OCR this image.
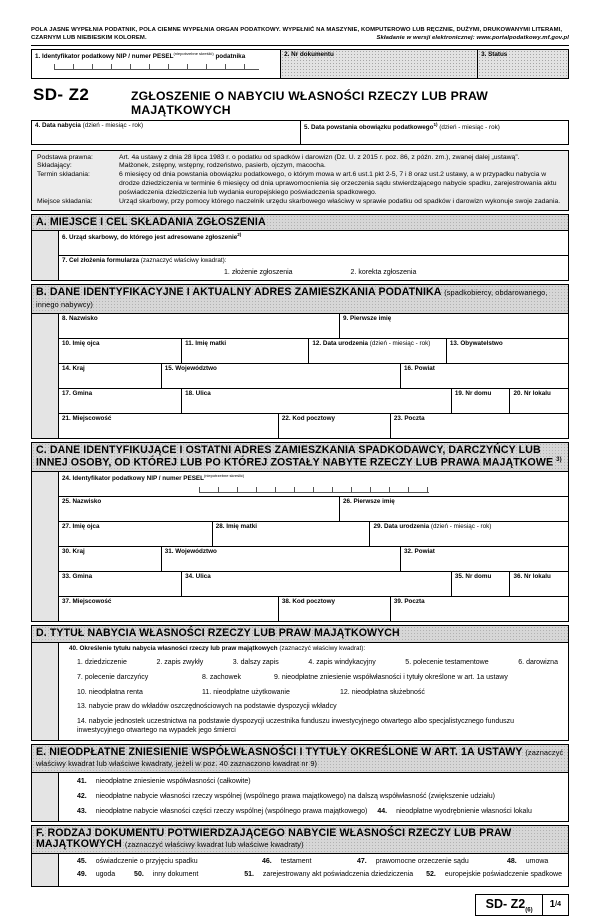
POLA JASNE WYPEŁNIA PODATNIK, POLA CIEMNE WYPEŁNIA ORGAN PODATKOWY. WYPEŁNIĆ NA MASZYNIE, KOMPUTEROWO LUB RĘCZNIE, DUŻYMI, DRUKOWANYMI LITERAMI,
CZARNYM LUB NIEBIESKIM KOLOREM.	Składanie w wersji elektronicznej: www.portalpodatkowy.mf.gov.pl
1. Identyfikator podatkowy NIP / numer $PESEL^{(niepotrzebne skreślić)}$ podatnika	2. Nr dokumentu	3. Status
SD- Z2	ZGŁOSZENIE O NABYCIU WŁASNOŚCI RZECZY LUB PRAW MAJĄTKOWYCH
4. Data nabycia (dzień - miesiąc - rok)	5. Data powstania obowiązku podatkowego$^{1)}$ (dzień - miesiąc - rok)
Podstawa prawna:	Art. 4a ustawy z dnia 28 lipca 1983 r. o podatku od spadków i darowizn (Dz. U. z 2015 r. poz. 86, z późn. zm.), zwanej dalej „ustawą”.
Składający:	Małżonek, zstępny, wstępny, rodzeństwo, pasierb, ojczym, macocha.
Termin składania:	6 miesięcy od dnia powstania obowiązku podatkowego, o którym mowa w art.6 ust.1 pkt 2-5, 7 i 8 oraz ust.2 ustawy, a w przypadku nabycia w drodze dziedziczenia w terminie 6 miesięcy od dnia uprawomocnienia się orzeczenia sądu stwierdzającego nabycie spadku, zarejestrowania aktu poświadczenia dziedziczenia lub wydania europejskiego poświadczenia spadkowego.
Miejsce składania:	Urząd skarbowy, przy pomocy którego naczelnik urzędu skarbowego właściwy w sprawie podatku od spadków i darowizn wykonuje swoje zadania.
A. MIEJSCE I CEL SKŁADANIA ZGŁOSZENIA
6. Urząd skarbowy, do którego jest adresowane zgłoszenie$^{2)}$
7. Cel złożenia formularza (zaznaczyć właściwy kwadrat):
1. złożenie zgłoszenia	2. korekta zgłoszenia
B. DANE IDENTYFIKACYJNE I AKTUALNY ADRES ZAMIESZKANIA PODATNIKA (spadkobiercy, obdarowanego, innego nabywcy)
8. Nazwisko	9. Pierwsze imię
10. Imię ojca	11. Imię matki	12. Data urodzenia (dzień - miesiąc - rok)	13. Obywatelstwo
14. Kraj	15. Województwo	16. Powiat
17. Gmina	18. Ulica	19. Nr domu	20. Nr lokalu
21. Miejscowość	22. Kod pocztowy	23. Poczta
C. DANE IDENTYFIKUJĄCE I OSTATNI ADRES ZAMIESZKANIA SPADKODAWCY, DARCZYŃCY LUB INNEJ OSOBY, OD KTÓREJ LUB PO KTÓREJ ZOSTAŁY NABYTE RZECZY LUB PRAWA MAJĄTKOWE $^{3)}$
24. Identyfikator podatkowy NIP / numer $PESEL^{(niepotrzebne skreślić)}$
25. Nazwisko	26. Pierwsze imię
27. Imię ojca	28. Imię matki	29. Data urodzenia (dzień - miesiąc - rok)
30. Kraj	31. Województwo	32. Powiat
33. Gmina	34. Ulica	35. Nr domu	36. Nr lokalu
37. Miejscowość	38. Kod pocztowy	39. Poczta
D. TYTUŁ NABYCIA WŁASNOŚCI RZECZY LUB PRAW MAJĄTKOWYCH
40. Określenie tytułu nabycia własności rzeczy lub praw majątkowych (zaznaczyć właściwy kwadrat):
1. dziedziczenie	2. zapis zwykły	3. dalszy zapis	4. zapis windykacyjny	5. polecenie testamentowe	6. darowizna
7. polecenie darczyńcy	8. zachowek	9. nieodpłatne zniesienie współwłasności i tytuły określone w art. 1a ustawy
10. nieodpłatna renta	11. nieodpłatne użytkowanie	12. nieodpłatna służebność
13. nabycie praw do wkładów oszczędnościowych na podstawie dyspozycji wkładcy
14. nabycie jednostek uczestnictwa na podstawie dyspozycji uczestnika funduszu inwestycyjnego otwartego albo specjalistycznego funduszu inwestycyjnego otwartego na wypadek jego śmierci
E. NIEODPŁATNE ZNIESIENIE WSPÓŁWŁASNOŚCI I TYTUŁY OKREŚLONE W ART. 1A USTAWY (zaznaczyć właściwy kwadrat lub właściwe kwadraty, jeżeli w poz. 40 zaznaczono kwadrat nr 9)
41. nieodpłatne zniesienie współwłasności (całkowite)
42. nieodpłatne nabycie własności rzeczy wspólnej (wspólnego prawa majątkowego) na dalszą współwłasność (zwiększenie udziału)
43. nieodpłatne nabycie własności części rzeczy wspólnej (wspólnego prawa majątkowego) 44. nieodpłatne wyodrębnienie własności lokalu
F. RODZAJ DOKUMENTU POTWIERDZAJĄCEGO NABYCIE WŁASNOŚCI RZECZY LUB PRAW MAJĄTKOWYCH (zaznaczyć właściwy kwadrat lub właściwe kwadraty)
45. oświadczenie o przyjęciu spadku	46. testament	47. prawomocne orzeczenie sądu	48. umowa
49. ugoda	50. inny dokument	51. zarejestrowany akt poświadczenia dziedziczenia	52. europejskie poświadczenie spadkowe
SD- $Z2_{(6)}$	1 /4
